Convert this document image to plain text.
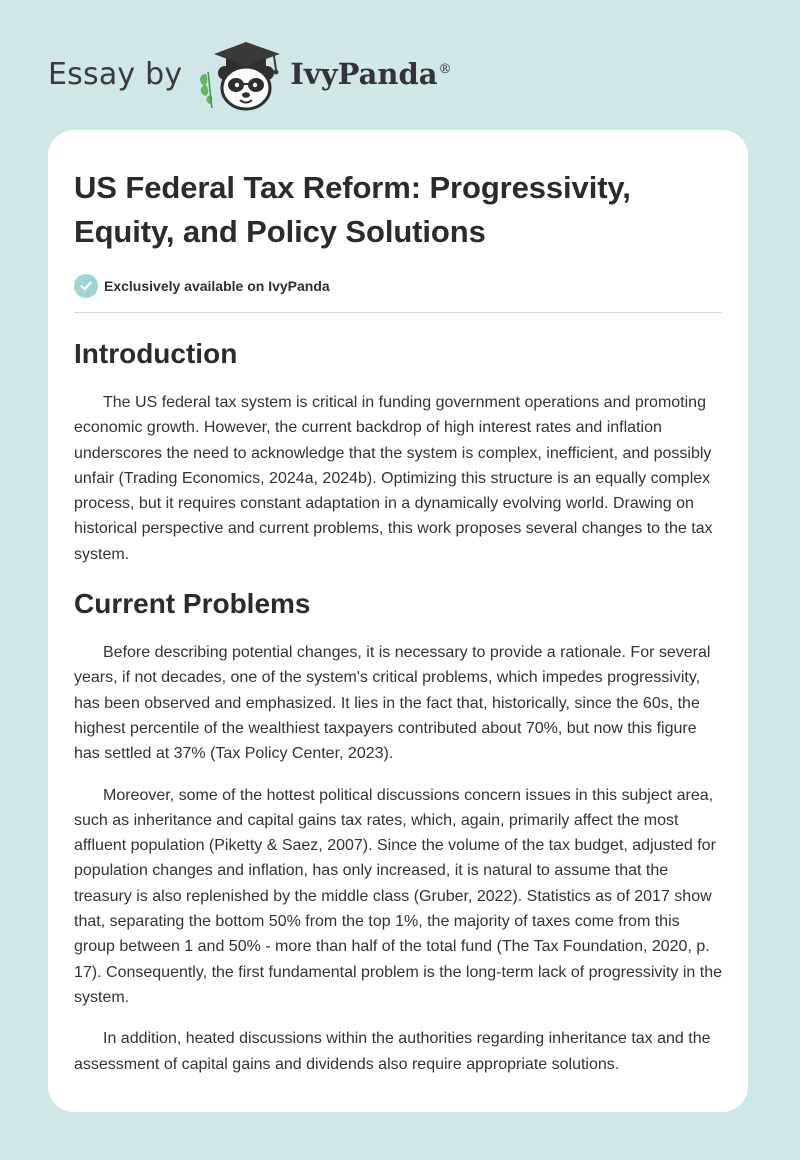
Essay by	IvyPanda®
US Federal Tax Reform: Progressivity, Equity, and Policy Solutions
Exclusively available on IvyPanda
Introduction

The US federal tax system is critical in funding government operations and promoting economic growth. However, the current backdrop of high interest rates and inflation underscores the need to acknowledge that the system is complex, inefficient, and possibly unfair (Trading Economics, 2024a, 2024b). Optimizing this structure is an equally complex process, but it requires constant adaptation in a dynamically evolving world. Drawing on historical perspective and current problems, this work proposes several changes to the tax system.

Current Problems

Before describing potential changes, it is necessary to provide a rationale. For several years, if not decades, one of the system's critical problems, which impedes progressivity, has been observed and emphasized. It lies in the fact that, historically, since the 60s, the highest percentile of the wealthiest taxpayers contributed about 70%, but now this figure has settled at 37% (Tax Policy Center, 2023).

Moreover, some of the hottest political discussions concern issues in this subject area, such as inheritance and capital gains tax rates, which, again, primarily affect the most affluent population (Piketty & Saez, 2007). Since the volume of the tax budget, adjusted for population changes and inflation, has only increased, it is natural to assume that the treasury is also replenished by the middle class (Gruber, 2022). Statistics as of 2017 show that, separating the bottom 50% from the top 1%, the majority of taxes come from this group between 1 and 50% - more than half of the total fund (The Tax Foundation, 2020, p. 17). Consequently, the first fundamental problem is the long-term lack of progressivity in the system.

In addition, heated discussions within the authorities regarding inheritance tax and the assessment of capital gains and dividends also require appropriate solutions.
